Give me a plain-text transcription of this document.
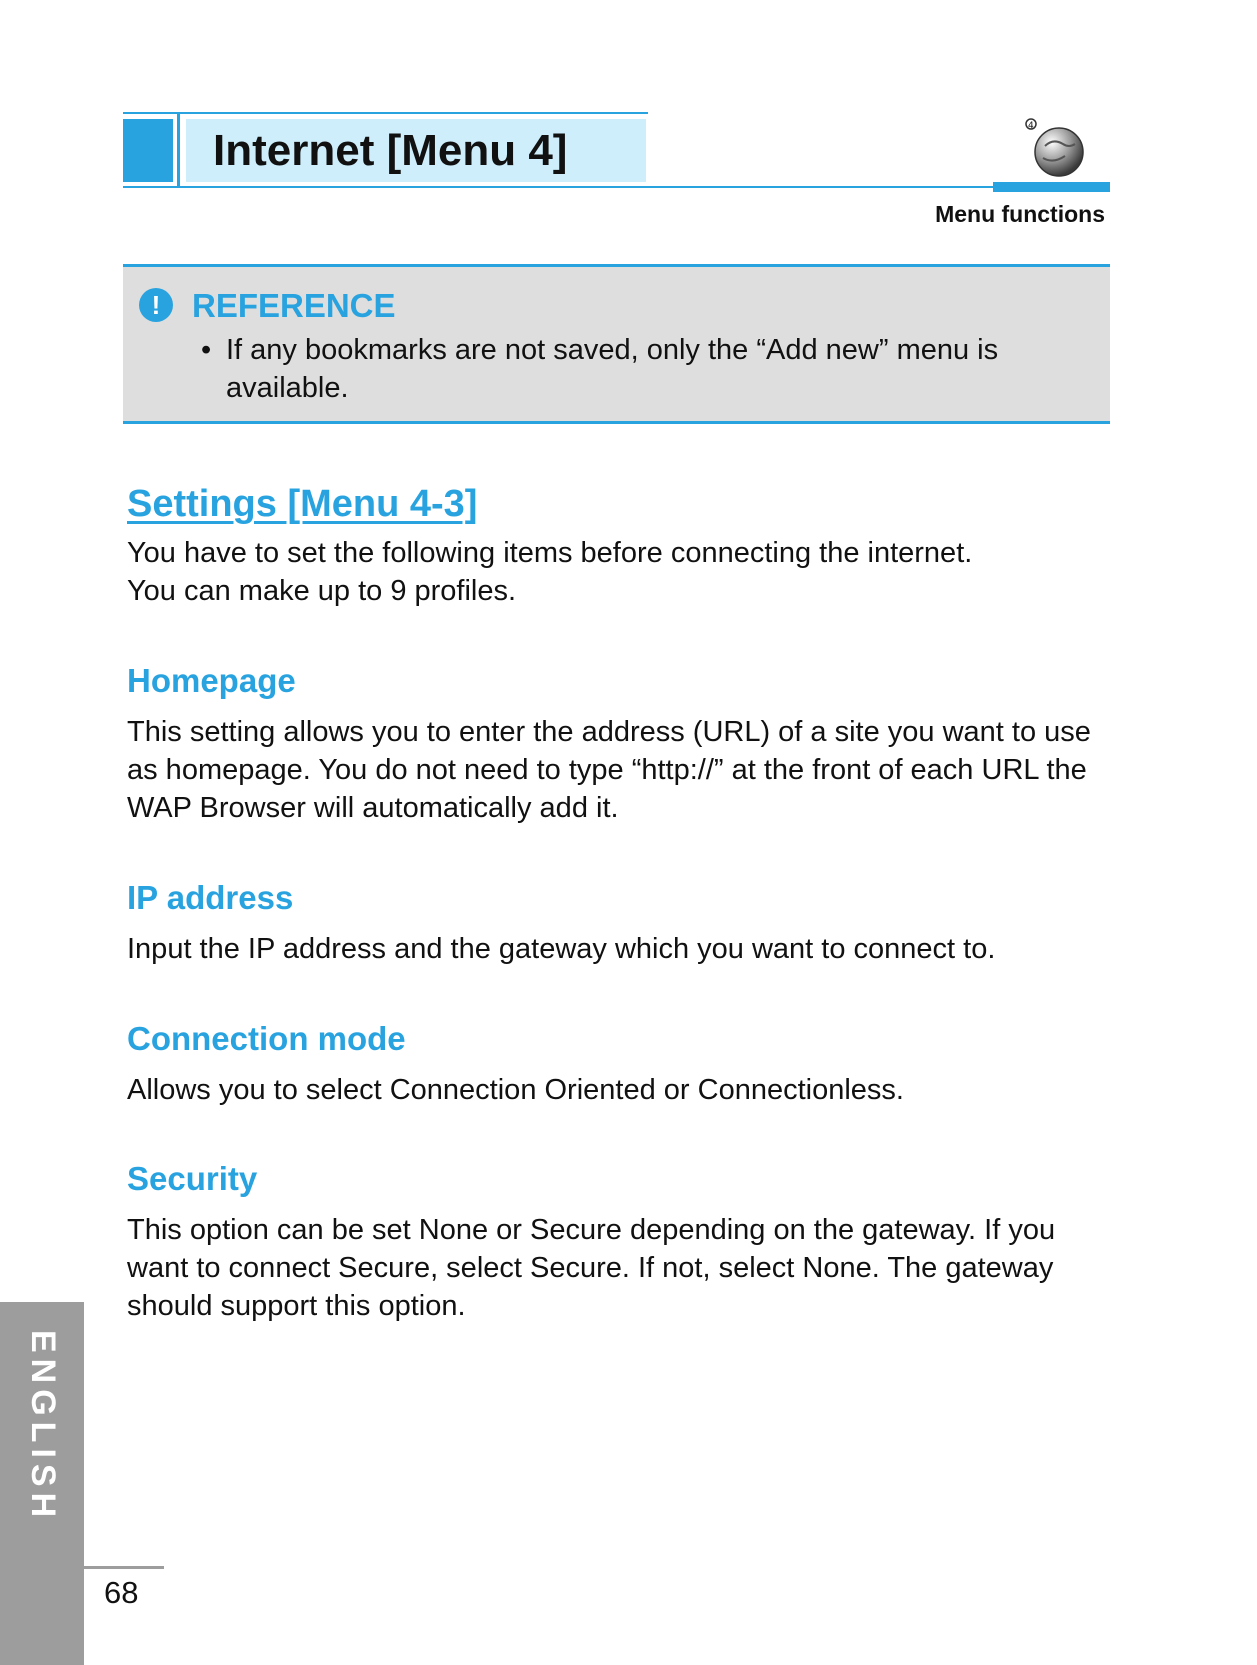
Internet [Menu 4]	4
Menu functions
! REFERENCE
• If any bookmarks are not saved, only the “Add new” menu is available.
Settings [Menu 4-3]
You have to set the following items before connecting the internet.
You can make up to 9 profiles.
Homepage
This setting allows you to enter the address (URL) of a site you want to use as homepage. You do not need to type “http://” at the front of each URL the WAP Browser will automatically add it.
IP address
Input the IP address and the gateway which you want to connect to.
Connection mode
Allows you to select Connection Oriented or Connectionless.
Security
This option can be set None or Secure depending on the gateway. If you want to connect Secure, select Secure. If not, select None. The gateway should support this option.
ENGLISH
68
